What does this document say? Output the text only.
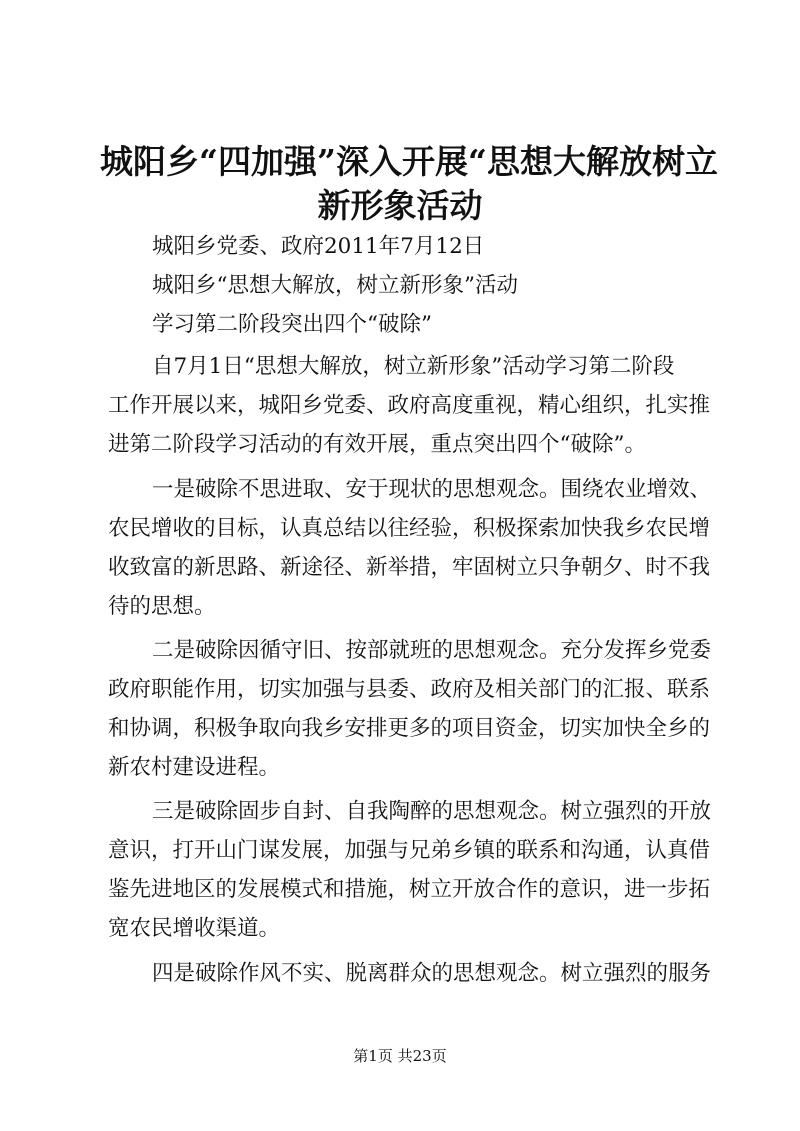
城阳乡“四加强”深入开展“思想大解放树立
新形象活动
城阳乡党委、政府2011年7月12日
城阳乡“思想大解放，树立新形象”活动
学习第二阶段突出四个“破除”
自7月1日“思想大解放，树立新形象”活动学习第二阶段
工作开展以来，城阳乡党委、政府高度重视，精心组织，扎实推
进第二阶段学习活动的有效开展，重点突出四个“破除”。
一是破除不思进取、安于现状的思想观念。围绕农业增效、
农民增收的目标，认真总结以往经验，积极探索加快我乡农民增
收致富的新思路、新途径、新举措，牢固树立只争朝夕、时不我
待的思想。
二是破除因循守旧、按部就班的思想观念。充分发挥乡党委
政府职能作用，切实加强与县委、政府及相关部门的汇报、联系
和协调，积极争取向我乡安排更多的项目资金，切实加快全乡的
新农村建设进程。
三是破除固步自封、自我陶醉的思想观念。树立强烈的开放
意识，打开山门谋发展，加强与兄弟乡镇的联系和沟通，认真借
鉴先进地区的发展模式和措施，树立开放合作的意识，进一步拓
宽农民增收渠道。
四是破除作风不实、脱离群众的思想观念。树立强烈的服务
第1页 共23页
